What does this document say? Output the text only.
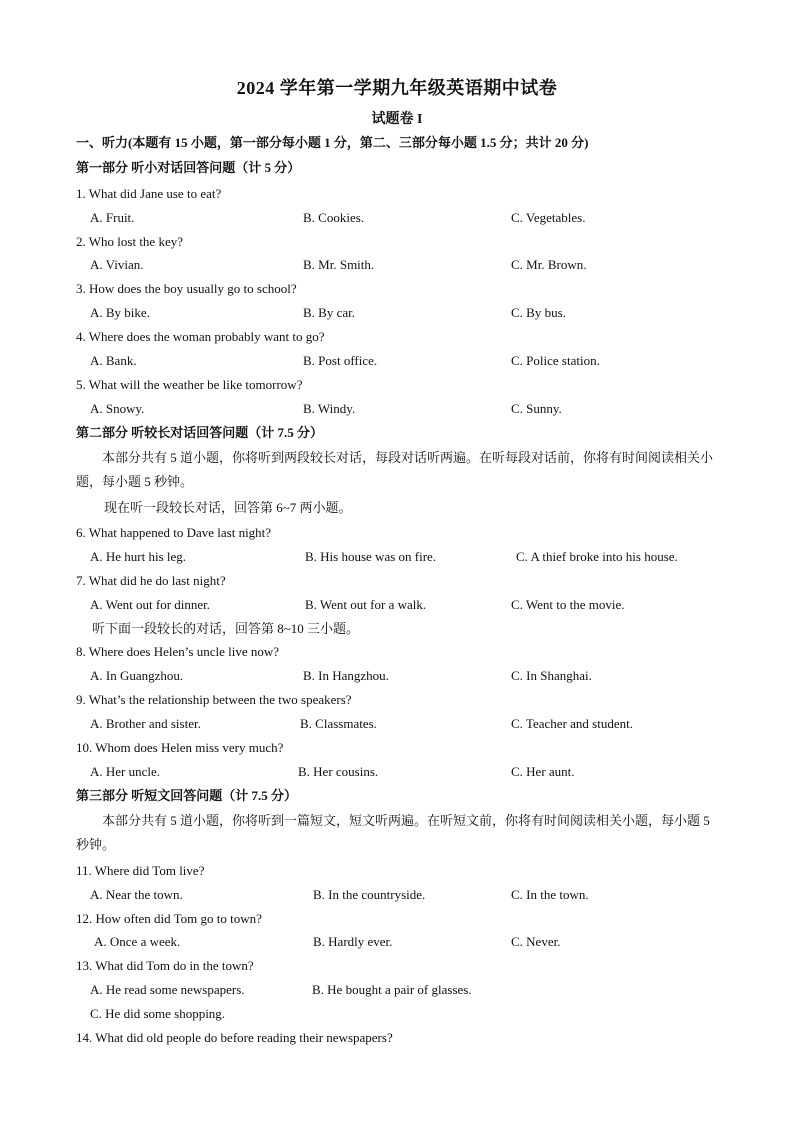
2024 学年第一学期九年级英语期中试卷
试题卷 I
一、听力(本题有 15 小题，第一部分每小题 1 分，第二、三部分每小题 1.5 分；共计 20 分)
第一部分 听小对话回答问题（计 5 分）
1. What did Jane use to eat?
A. Fruit.	B. Cookies.	C. Vegetables.
2. Who lost the key?
A. Vivian.	B. Mr. Smith.	C. Mr. Brown.
3. How does the boy usually go to school?
A. By bike.	B. By car.	C. By bus.
4. Where does the woman probably want to go?
A. Bank.	B. Post office.	C. Police station.
5. What will the weather be like tomorrow?
A. Snowy.	B. Windy.	C. Sunny.
第二部分 听较长对话回答问题（计 7.5 分）
本部分共有 5 道小题，你将听到两段较长对话，每段对话听两遍。在听每段对话前，你将有时间阅读相关小题，每小题 5 秒钟。
现在听一段较长对话，回答第 6~7 两小题。
6. What happened to Dave last night?
A. He hurt his leg.	B. His house was on fire.	C. A thief broke into his house.
7. What did he do last night?
A. Went out for dinner.	B. Went out for a walk.	C. Went to the movie.
听下面一段较长的对话，回答第 8~10 三小题。
8. Where does Helen’s uncle live now?
A. In Guangzhou.	B. In Hangzhou.	C. In Shanghai.
9. What’s the relationship between the two speakers?
A. Brother and sister.	B. Classmates.	C. Teacher and student.
10. Whom does Helen miss very much?
A. Her uncle.	B. Her cousins.	C. Her aunt.
第三部分 听短文回答问题（计 7.5 分）
本部分共有 5 道小题，你将听到一篇短文，短文听两遍。在听短文前，你将有时间阅读相关小题，每小题 5 秒钟。
11. Where did Tom live?
A. Near the town.	B. In the countryside.	C. In the town.
12. How often did Tom go to town?
A. Once a week.	B. Hardly ever.	C. Never.
13. What did Tom do in the town?
A. He read some newspapers.	B. He bought a pair of glasses.
C. He did some shopping.
14. What did old people do before reading their newspapers?
